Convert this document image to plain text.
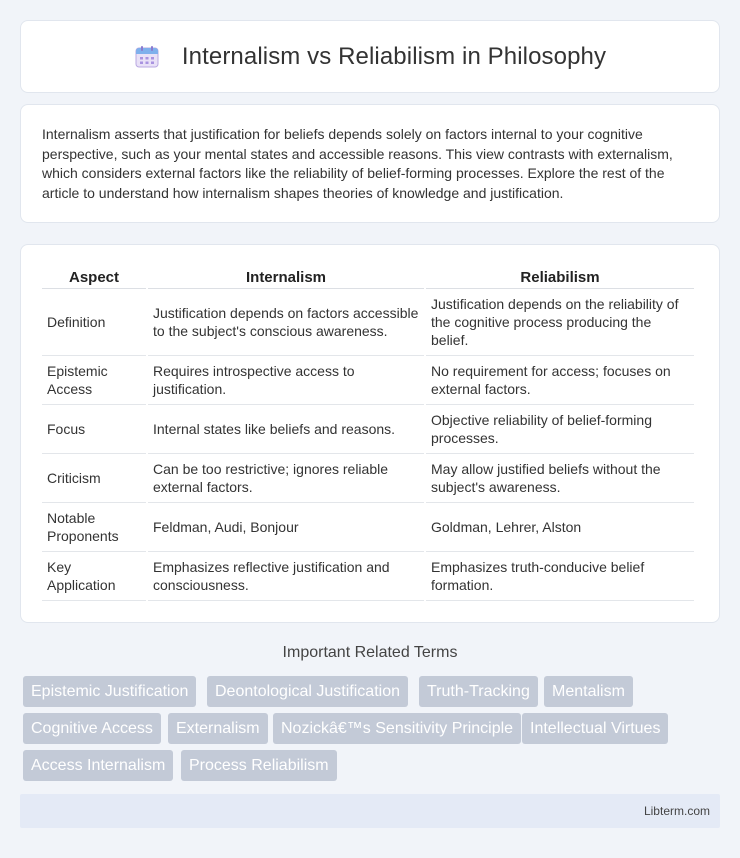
Internalism vs Reliabilism in Philosophy

Internalism asserts that justification for beliefs depends solely on factors internal to your cognitive perspective, such as your mental states and accessible reasons. This view contrasts with externalism, which considers external factors like the reliability of belief-forming processes. Explore the rest of the article to understand how internalism shapes theories of knowledge and justification.

Aspect	Internalism	Reliabilism
Definition	Justification depends on factors accessible to the subject's conscious awareness.	Justification depends on the reliability of the cognitive process producing the belief.
Epistemic Access	Requires introspective access to justification.	No requirement for access; focuses on external factors.
Focus	Internal states like beliefs and reasons.	Objective reliability of belief-forming processes.
Criticism	Can be too restrictive; ignores reliable external factors.	May allow justified beliefs without the subject's awareness.
Notable Proponents	Feldman, Audi, Bonjour	Goldman, Lehrer, Alston
Key Application	Emphasizes reflective justification and consciousness.	Emphasizes truth-conducive belief formation.
Important Related Terms
Epistemic Justification	Deontological Justification	Truth-Tracking	Mentalism
Cognitive Access	Externalism	Nozickâ€™s Sensitivity Principle	Intellectual Virtues
Access Internalism	Process Reliabilism
Libterm.com
